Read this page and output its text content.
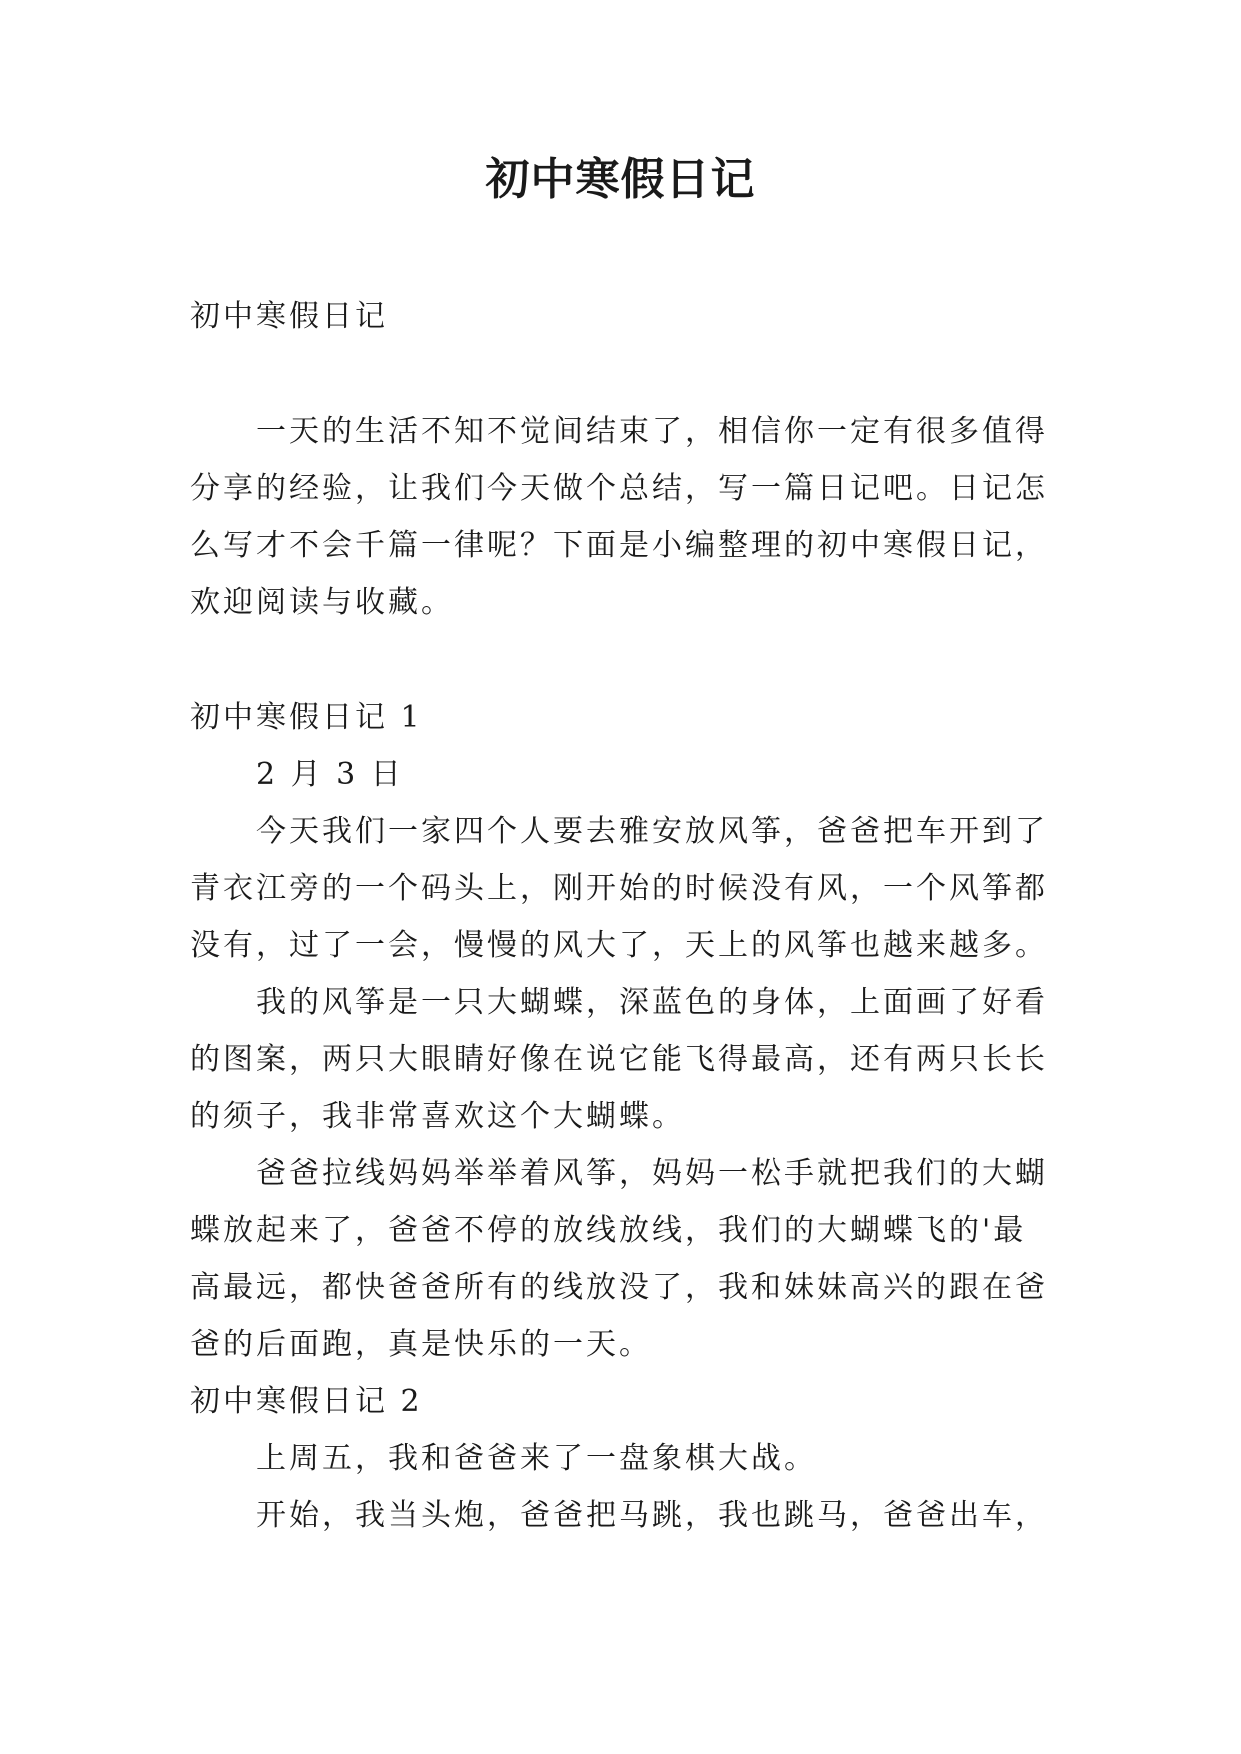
初中寒假日记

初中寒假日记

一天的生活不知不觉间结束了，相信你一定有很多值得

分享的经验，让我们今天做个总结，写一篇日记吧。日记怎

么写才不会千篇一律呢？下面是小编整理的初中寒假日记，

欢迎阅读与收藏。

初中寒假日记 1

2 月 3 日

今天我们一家四个人要去雅安放风筝，爸爸把车开到了

青衣江旁的一个码头上，刚开始的时候没有风，一个风筝都

没有，过了一会，慢慢的风大了，天上的风筝也越来越多。

我的风筝是一只大蝴蝶，深蓝色的身体，上面画了好看

的图案，两只大眼睛好像在说它能飞得最高，还有两只长长

的须子，我非常喜欢这个大蝴蝶。

爸爸拉线妈妈举举着风筝，妈妈一松手就把我们的大蝴

蝶放起来了，爸爸不停的放线放线，我们的大蝴蝶飞的'最

高最远，都快爸爸所有的线放没了，我和妹妹高兴的跟在爸

爸的后面跑，真是快乐的一天。

初中寒假日记 2

上周五，我和爸爸来了一盘象棋大战。

开始，我当头炮，爸爸把马跳，我也跳马，爸爸出车，
